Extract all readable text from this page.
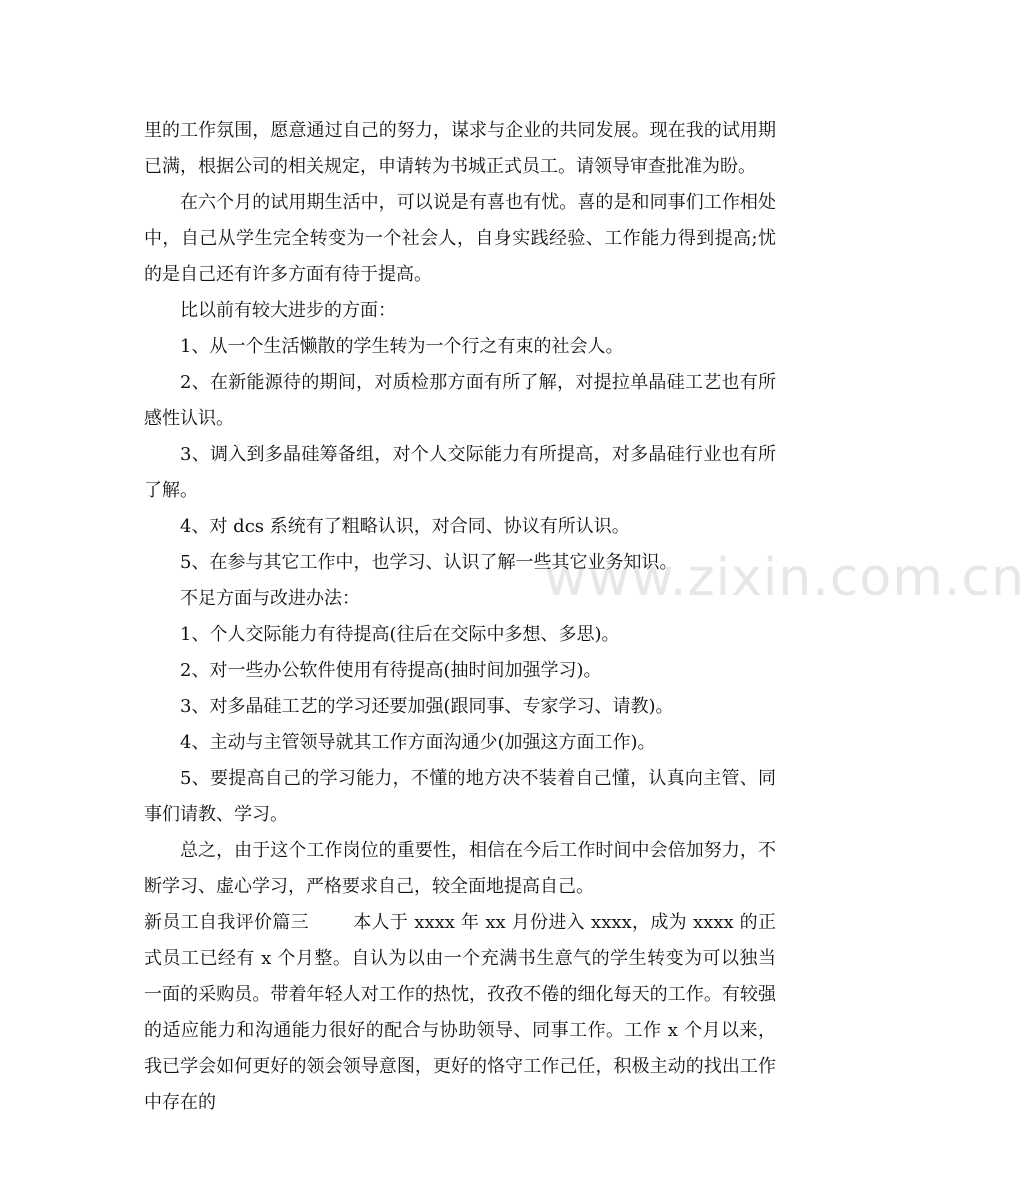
www.zixin.com.cn

里的工作氛围，愿意通过自己的努力，谋求与企业的共同发展。现在我的试用期已满，根据公司的相关规定，申请转为书城正式员工。请领导审查批准为盼。

在六个月的试用期生活中，可以说是有喜也有忧。喜的是和同事们工作相处中，自己从学生完全转变为一个社会人，自身实践经验、工作能力得到提高;忧的是自己还有许多方面有待于提高。

比以前有较大进步的方面：

1、从一个生活懒散的学生转为一个行之有束的社会人。

2、在新能源待的期间，对质检那方面有所了解，对提拉单晶硅工艺也有所感性认识。

3、调入到多晶硅筹备组，对个人交际能力有所提高，对多晶硅行业也有所了解。

4、对 dcs 系统有了粗略认识，对合同、协议有所认识。

5、在参与其它工作中，也学习、认识了解一些其它业务知识。

不足方面与改进办法：

1、个人交际能力有待提高(往后在交际中多想、多思)。

2、对一些办公软件使用有待提高(抽时间加强学习)。

3、对多晶硅工艺的学习还要加强(跟同事、专家学习、请教)。

4、主动与主管领导就其工作方面沟通少(加强这方面工作)。

5、要提高自己的学习能力，不懂的地方决不装着自己懂，认真向主管、同事们请教、学习。

总之，由于这个工作岗位的重要性，相信在今后工作时间中会倍加努力，不断学习、虚心学习，严格要求自己，较全面地提高自己。

新员工自我评价篇三 本人于 xxxx 年 xx 月份进入 xxxx，成为 xxxx 的正式员工已经有 x 个月整。自认为以由一个充满书生意气的学生转变为可以独当一面的采购员。带着年轻人对工作的热忱，孜孜不倦的细化每天的工作。有较强的适应能力和沟通能力很好的配合与协助领导、同事工作。工作 x 个月以来，我已学会如何更好的领会领导意图，更好的恪守工作己任，积极主动的找出工作中存在的
